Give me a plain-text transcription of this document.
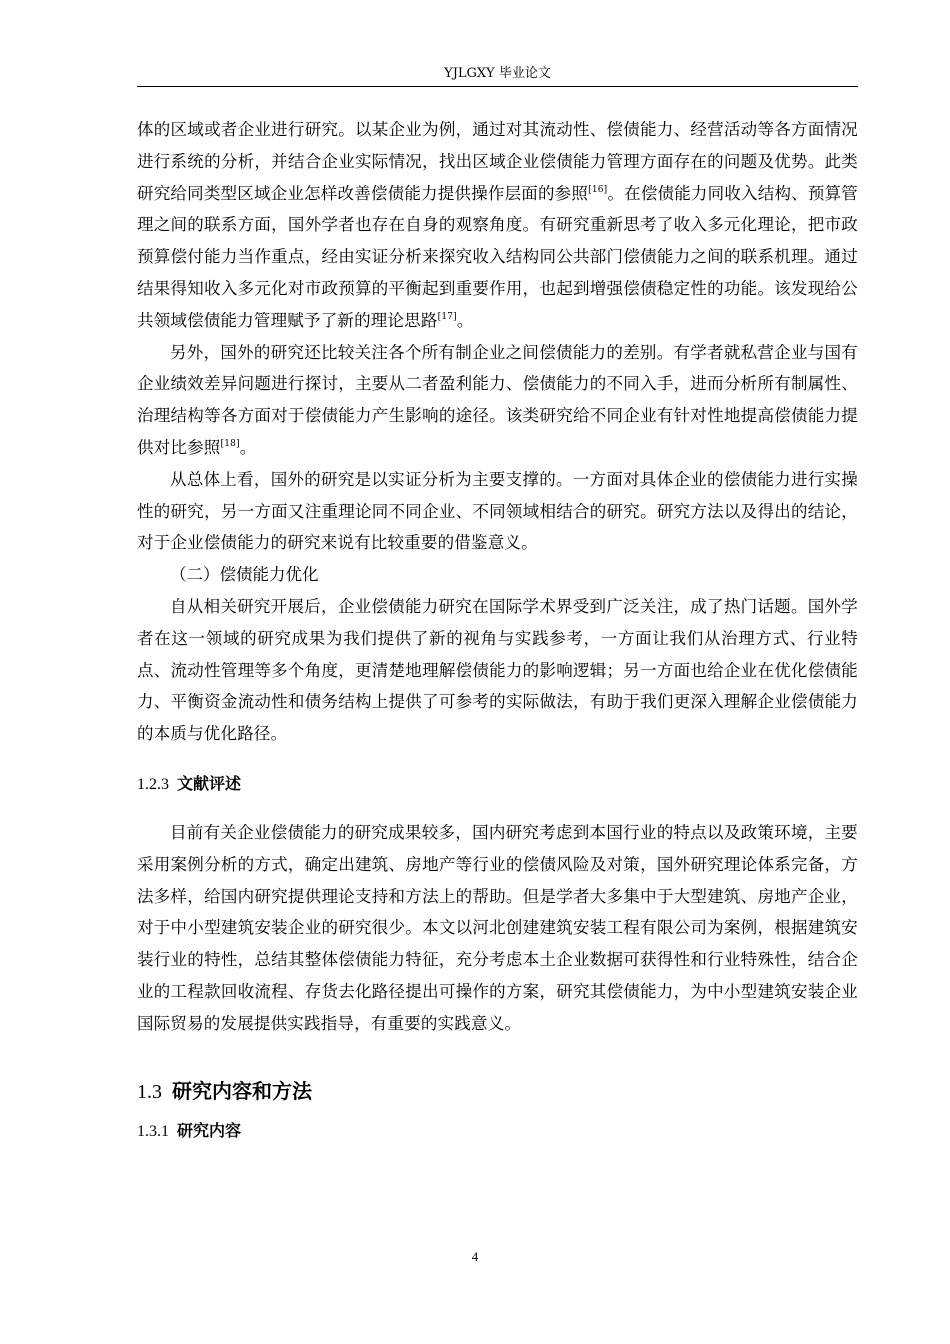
YJLGXY 毕业论文

体的区域或者企业进行研究。以某企业为例，通过对其流动性、偿债能力、经营活动等各方面情况进行系统的分析，并结合企业实际情况，找出区域企业偿债能力管理方面存在的问题及优势。此类研究给同类型区域企业怎样改善偿债能力提供操作层面的参照[16]。在偿债能力同收入结构、预算管理之间的联系方面，国外学者也存在自身的观察角度。有研究重新思考了收入多元化理论，把市政预算偿付能力当作重点，经由实证分析来探究收入结构同公共部门偿债能力之间的联系机理。通过结果得知收入多元化对市政预算的平衡起到重要作用，也起到增强偿债稳定性的功能。该发现给公共领域偿债能力管理赋予了新的理论思路[17]。

另外，国外的研究还比较关注各个所有制企业之间偿债能力的差别。有学者就私营企业与国有企业绩效差异问题进行探讨，主要从二者盈利能力、偿债能力的不同入手，进而分析所有制属性、治理结构等各方面对于偿债能力产生影响的途径。该类研究给不同企业有针对性地提高偿债能力提供对比参照[18]。

从总体上看，国外的研究是以实证分析为主要支撑的。一方面对具体企业的偿债能力进行实操性的研究，另一方面又注重理论同不同企业、不同领域相结合的研究。研究方法以及得出的结论，对于企业偿债能力的研究来说有比较重要的借鉴意义。

（二）偿债能力优化

自从相关研究开展后，企业偿债能力研究在国际学术界受到广泛关注，成了热门话题。国外学者在这一领域的研究成果为我们提供了新的视角与实践参考，一方面让我们从治理方式、行业特点、流动性管理等多个角度，更清楚地理解偿债能力的影响逻辑；另一方面也给企业在优化偿债能力、平衡资金流动性和债务结构上提供了可参考的实际做法，有助于我们更深入理解企业偿债能力的本质与优化路径。

1.2.3 文献评述

目前有关企业偿债能力的研究成果较多，国内研究考虑到本国行业的特点以及政策环境，主要采用案例分析的方式，确定出建筑、房地产等行业的偿债风险及对策，国外研究理论体系完备，方法多样，给国内研究提供理论支持和方法上的帮助。但是学者大多集中于大型建筑、房地产企业，对于中小型建筑安装企业的研究很少。本文以河北创建建筑安装工程有限公司为案例，根据建筑安装行业的特性，总结其整体偿债能力特征，充分考虑本土企业数据可获得性和行业特殊性，结合企业的工程款回收流程、存货去化路径提出可操作的方案，研究其偿债能力，为中小型建筑安装企业国际贸易的发展提供实践指导，有重要的实践意义。

1.3 研究内容和方法
1.3.1 研究内容
4
